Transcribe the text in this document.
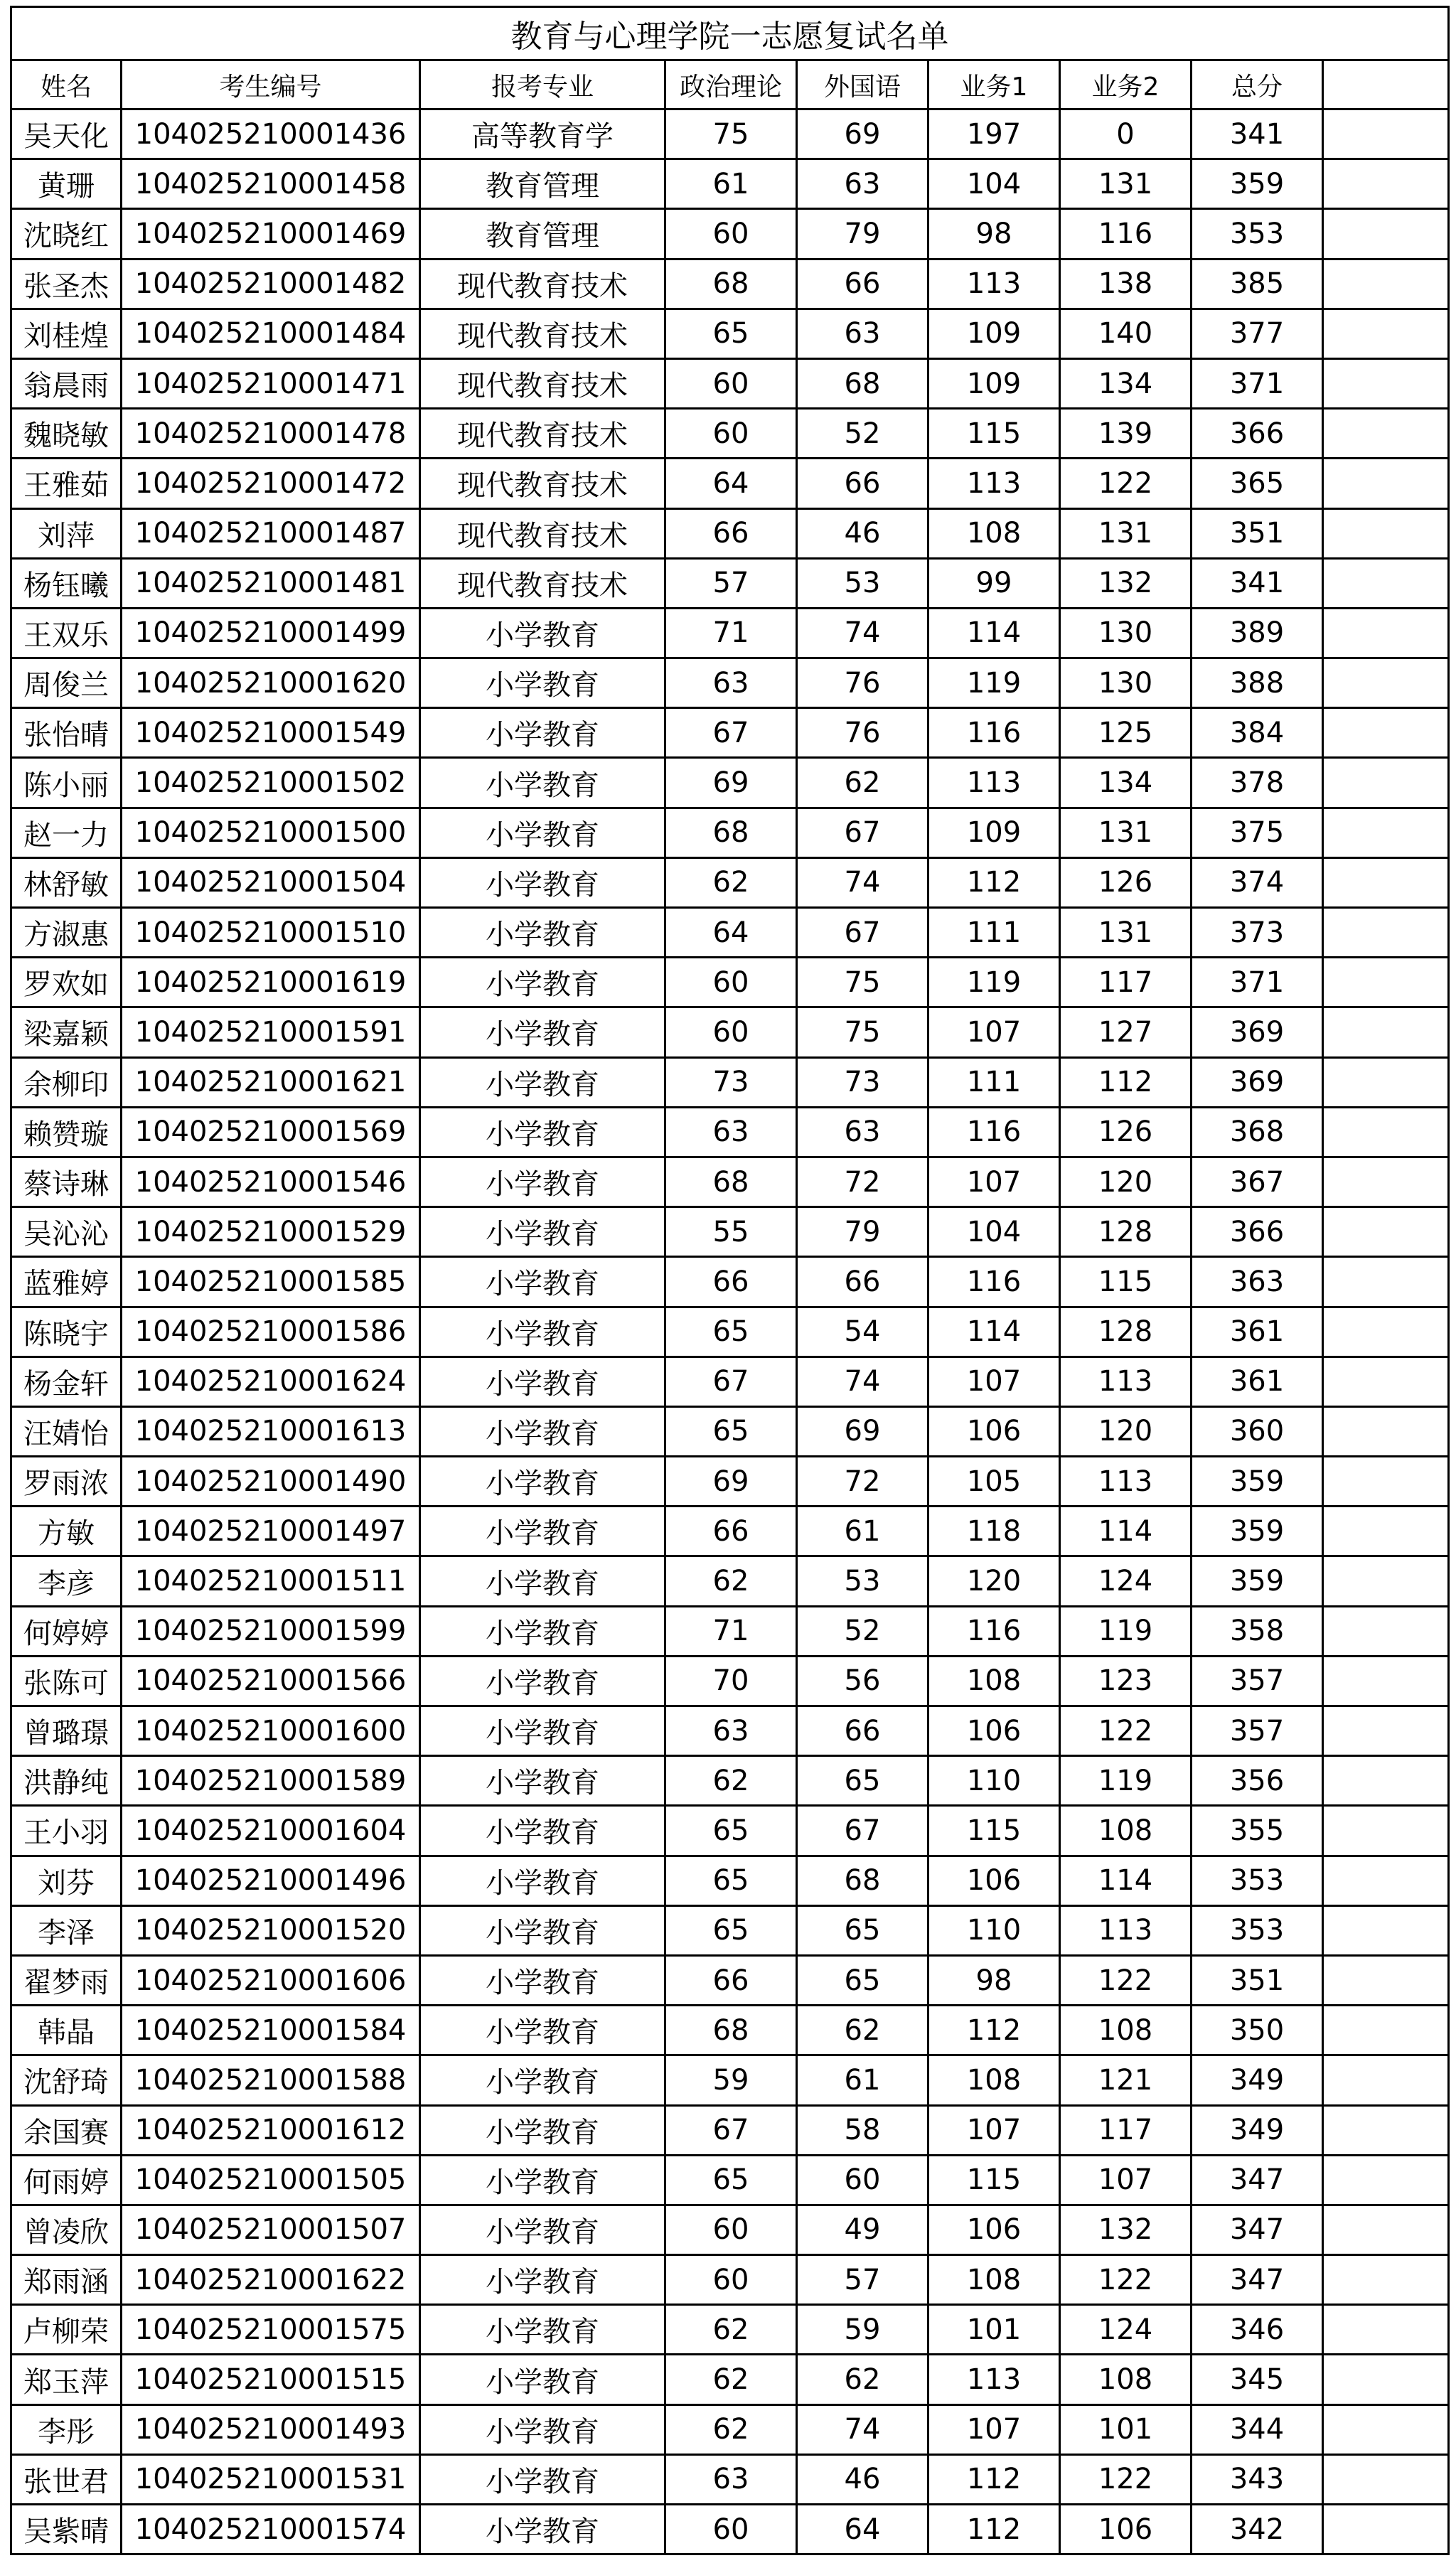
教育与心理学院一志愿复试名单								
姓名	考生编号	报考专业	政治理论	外国语	业务1	业务2	总分	
吴天化	104025210001436	高等教育学	75	69	197	0	341	
黄珊	104025210001458	教育管理	61	63	104	131	359	
沈晓红	104025210001469	教育管理	60	79	98	116	353	
张圣杰	104025210001482	现代教育技术	68	66	113	138	385	
刘桂煌	104025210001484	现代教育技术	65	63	109	140	377	
翁晨雨	104025210001471	现代教育技术	60	68	109	134	371	
魏晓敏	104025210001478	现代教育技术	60	52	115	139	366	
王雅茹	104025210001472	现代教育技术	64	66	113	122	365	
刘萍	104025210001487	现代教育技术	66	46	108	131	351	
杨钰曦	104025210001481	现代教育技术	57	53	99	132	341	
王双乐	104025210001499	小学教育	71	74	114	130	389	
周俊兰	104025210001620	小学教育	63	76	119	130	388	
张怡晴	104025210001549	小学教育	67	76	116	125	384	
陈小丽	104025210001502	小学教育	69	62	113	134	378	
赵一力	104025210001500	小学教育	68	67	109	131	375	
林舒敏	104025210001504	小学教育	62	74	112	126	374	
方淑惠	104025210001510	小学教育	64	67	111	131	373	
罗欢如	104025210001619	小学教育	60	75	119	117	371	
梁嘉颖	104025210001591	小学教育	60	75	107	127	369	
余柳印	104025210001621	小学教育	73	73	111	112	369	
赖赞璇	104025210001569	小学教育	63	63	116	126	368	
蔡诗琳	104025210001546	小学教育	68	72	107	120	367	
吴沁沁	104025210001529	小学教育	55	79	104	128	366	
蓝雅婷	104025210001585	小学教育	66	66	116	115	363	
陈晓宇	104025210001586	小学教育	65	54	114	128	361	
杨金轩	104025210001624	小学教育	67	74	107	113	361	
汪婧怡	104025210001613	小学教育	65	69	106	120	360	
罗雨浓	104025210001490	小学教育	69	72	105	113	359	
方敏	104025210001497	小学教育	66	61	118	114	359	
李彦	104025210001511	小学教育	62	53	120	124	359	
何婷婷	104025210001599	小学教育	71	52	116	119	358	
张陈可	104025210001566	小学教育	70	56	108	123	357	
曾璐璟	104025210001600	小学教育	63	66	106	122	357	
洪静纯	104025210001589	小学教育	62	65	110	119	356	
王小羽	104025210001604	小学教育	65	67	115	108	355	
刘芬	104025210001496	小学教育	65	68	106	114	353	
李泽	104025210001520	小学教育	65	65	110	113	353	
翟梦雨	104025210001606	小学教育	66	65	98	122	351	
韩晶	104025210001584	小学教育	68	62	112	108	350	
沈舒琦	104025210001588	小学教育	59	61	108	121	349	
余国赛	104025210001612	小学教育	67	58	107	117	349	
何雨婷	104025210001505	小学教育	65	60	115	107	347	
曾凌欣	104025210001507	小学教育	60	49	106	132	347	
郑雨涵	104025210001622	小学教育	60	57	108	122	347	
卢柳荣	104025210001575	小学教育	62	59	101	124	346	
郑玉萍	104025210001515	小学教育	62	62	113	108	345	
李彤	104025210001493	小学教育	62	74	107	101	344	
张世君	104025210001531	小学教育	63	46	112	122	343	
吴紫晴	104025210001574	小学教育	60	64	112	106	342	
